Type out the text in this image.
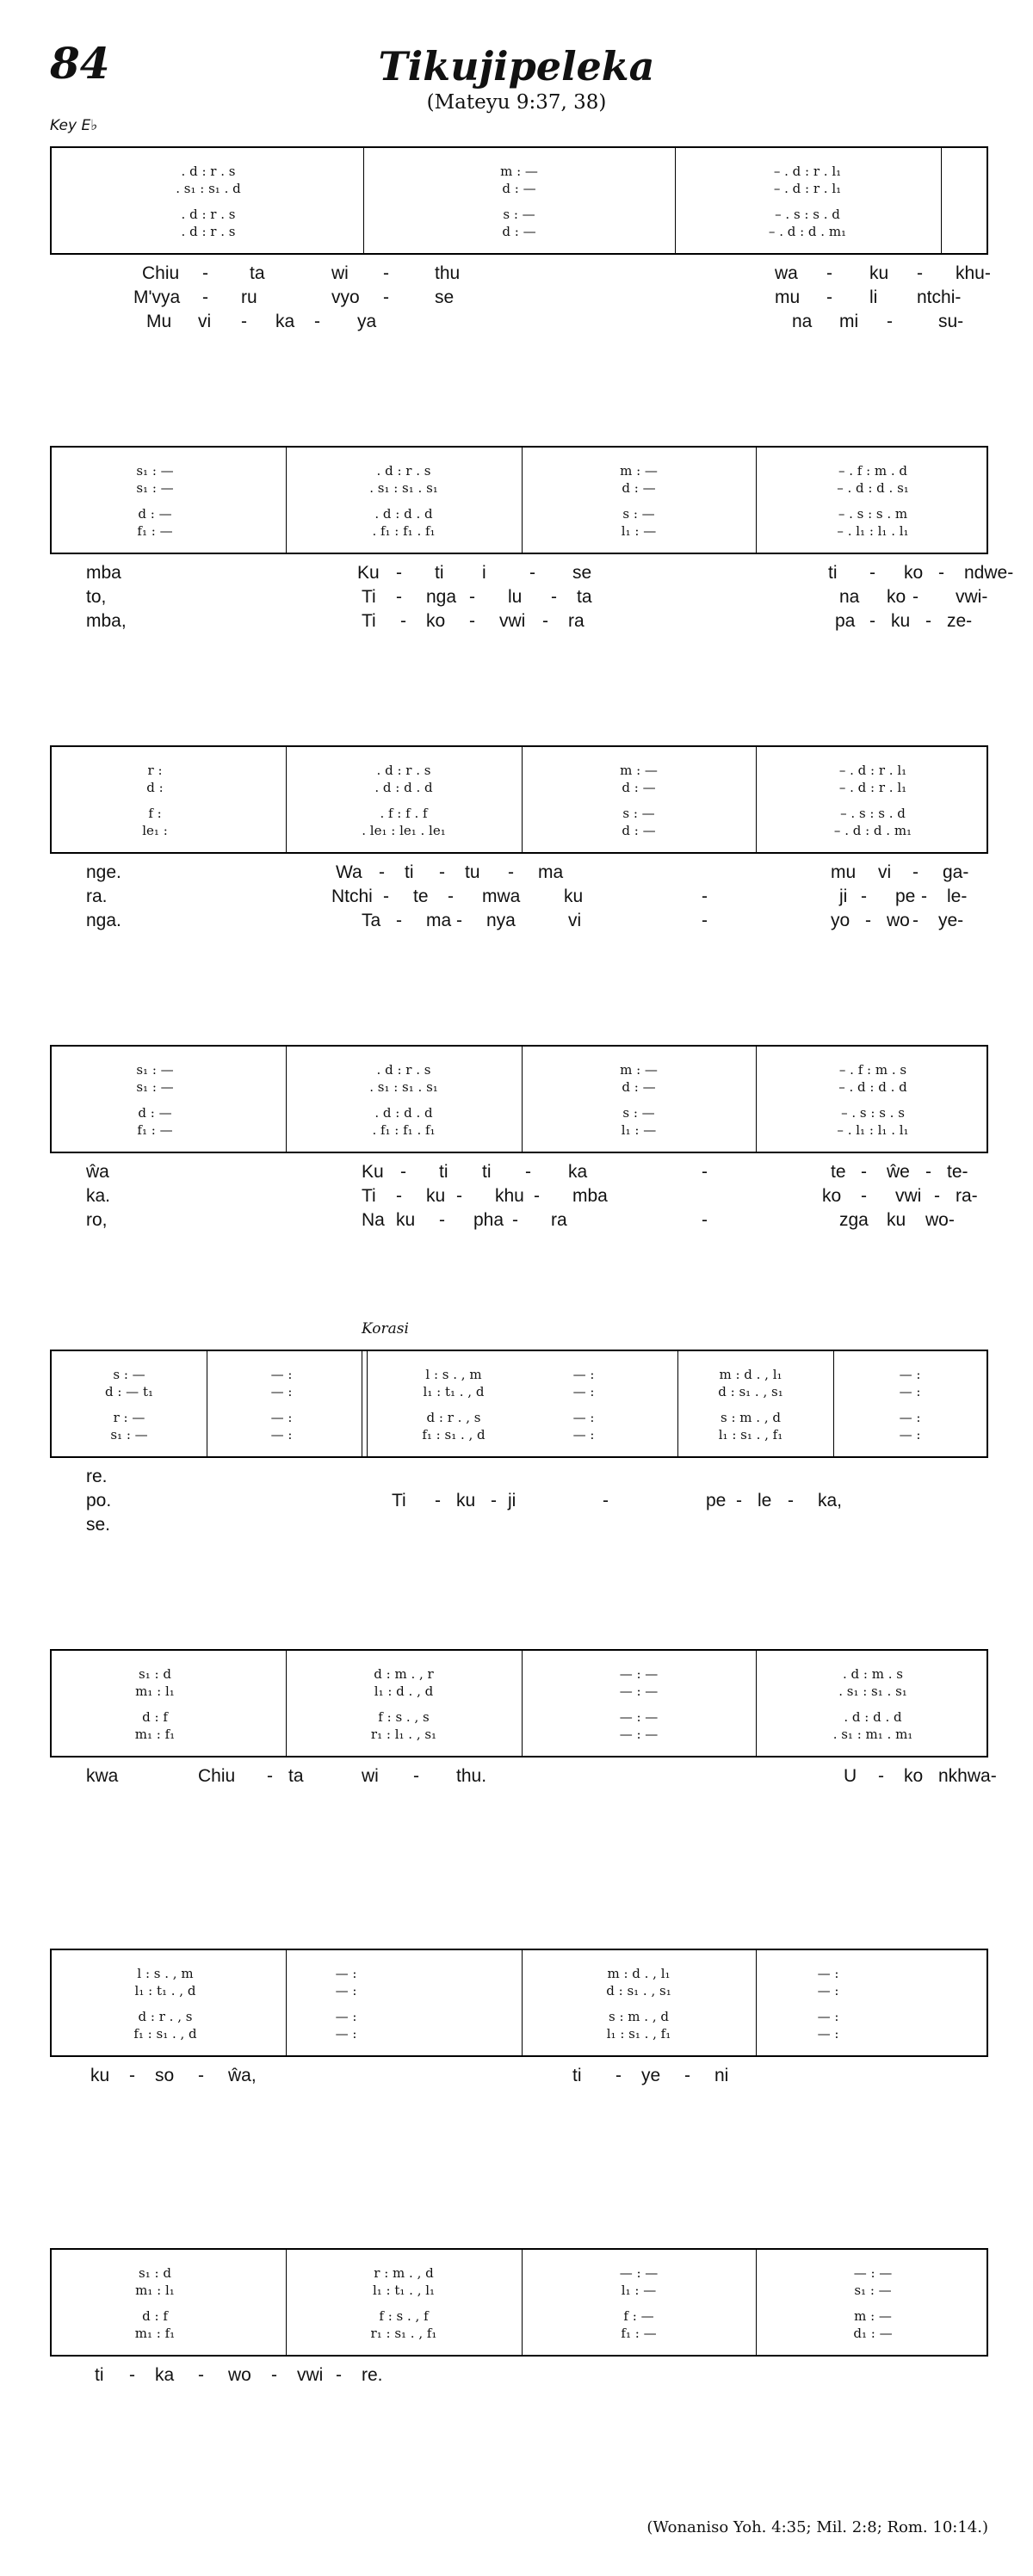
84	Tikujipeleka
(Mateyu 9:37, 38)
Key E♭
Korasi
(Wonaniso Yoh. 4:35; Mil. 2:8; Rom. 10:14.)
. d : r . s	m : —	– . d : r . l₁
. s₁ : s₁ . d	d : —	– . d : r . l₁
. d : r . s	s : —	– . s : s . d
. d : r . s	d : —	– . d : d . m₁
Chiu - ta	wi -	thu	wa - ku - khu-
M'vya - ru	vyo -	se	mu - li ntchi-
Mu vi - ka - ya	na mi -	su-
s₁ : —	. d : r . s	m : —	– . f : m . d
s₁ : —	. s₁ : s₁ . s₁	d : —	– . d : d . s₁
d : —	. d : d . d	s : —	– . s : s . m
f₁ : —	. f₁ : f₁ . f₁	l₁ : —	– . l₁ : l₁ . l₁
mba	Ku - ti i - se	ti - ko - ndwe-
to,	Ti - nga - lu - ta	na ko - vwi-
mba,	Ti - ko - vwi - ra	pa - ku - ze-
r :	. d : r . s	m : —	– . d : r . l₁
d :	. d : d . d	d : —	– . d : r . l₁
f :	. f : f . f	s : —	– . s : s . d
le₁ :	. le₁ : le₁ . le₁	d : —	– . d : d . m₁
nge.	Wa - ti - tu - ma	mu vi - ga-
ra.	Ntchi - te - mwa ku	-	ji - pe - le-
nga.	Ta - ma - nya	vi	-	yo - wo - ye-
s₁ : —	. d : r . s	m : —	– . f : m . s
s₁ : —	. s₁ : s₁ . s₁	d : —	– . d : d . d
d : —	. d : d . d	s : —	– . s : s . s
f₁ : —	. f₁ : f₁ . f₁	l₁ : —	– . l₁ : l₁ . l₁
ŵa	Ku - ti ti - ka	-	te - ŵe - te-
ka.	Ti - ku - khu - mba	ko - vwi - ra-
ro,	Na ku - pha - ra	-	zga ku wo-
s : —	— :	l : s . , m	— :	m : d . , l₁	— :
d : — t₁	— :	l₁ : t₁ . , d	— :	d : s₁ . , s₁	— :
r : —	— :	d : r . , s	— :	s : m . , d	— :
s₁ : —	— :	f₁ : s₁ . , d	— :	l₁ : s₁ . , f₁	— :
re.
po.	Ti - ku - ji	-	pe - le - ka,
se.
s₁ : d	d : m . , r	— : —	. d : m . s
m₁ : l₁	l₁ : d . , d	— : —	. s₁ : s₁ . s₁
d : f	f : s . , s	— : —	. d : d . d
m₁ : f₁	r₁ : l₁ . , s₁	— : —	. s₁ : m₁ . m₁
kwa	Chiu - ta	wi - thu.	U - ko nkhwa-
l : s . , m	— :	m : d . , l₁	— :
l₁ : t₁ . , d	— :	d : s₁ . , s₁	— :
d : r . , s	— :	s : m . , d	— :
f₁ : s₁ . , d	— :	l₁ : s₁ . , f₁	— :
ku - so - ŵa,	ti - ye - ni
s₁ : d	r : m . , d	— : —	— : —
m₁ : l₁	l₁ : t₁ . , l₁	l₁ : —	s₁ : —
d : f	f : s . , f	f : —	m : —
m₁ : f₁	r₁ : s₁ . , f₁	f₁ : —	d₁ : —
ti - ka - wo - vwi - re.
